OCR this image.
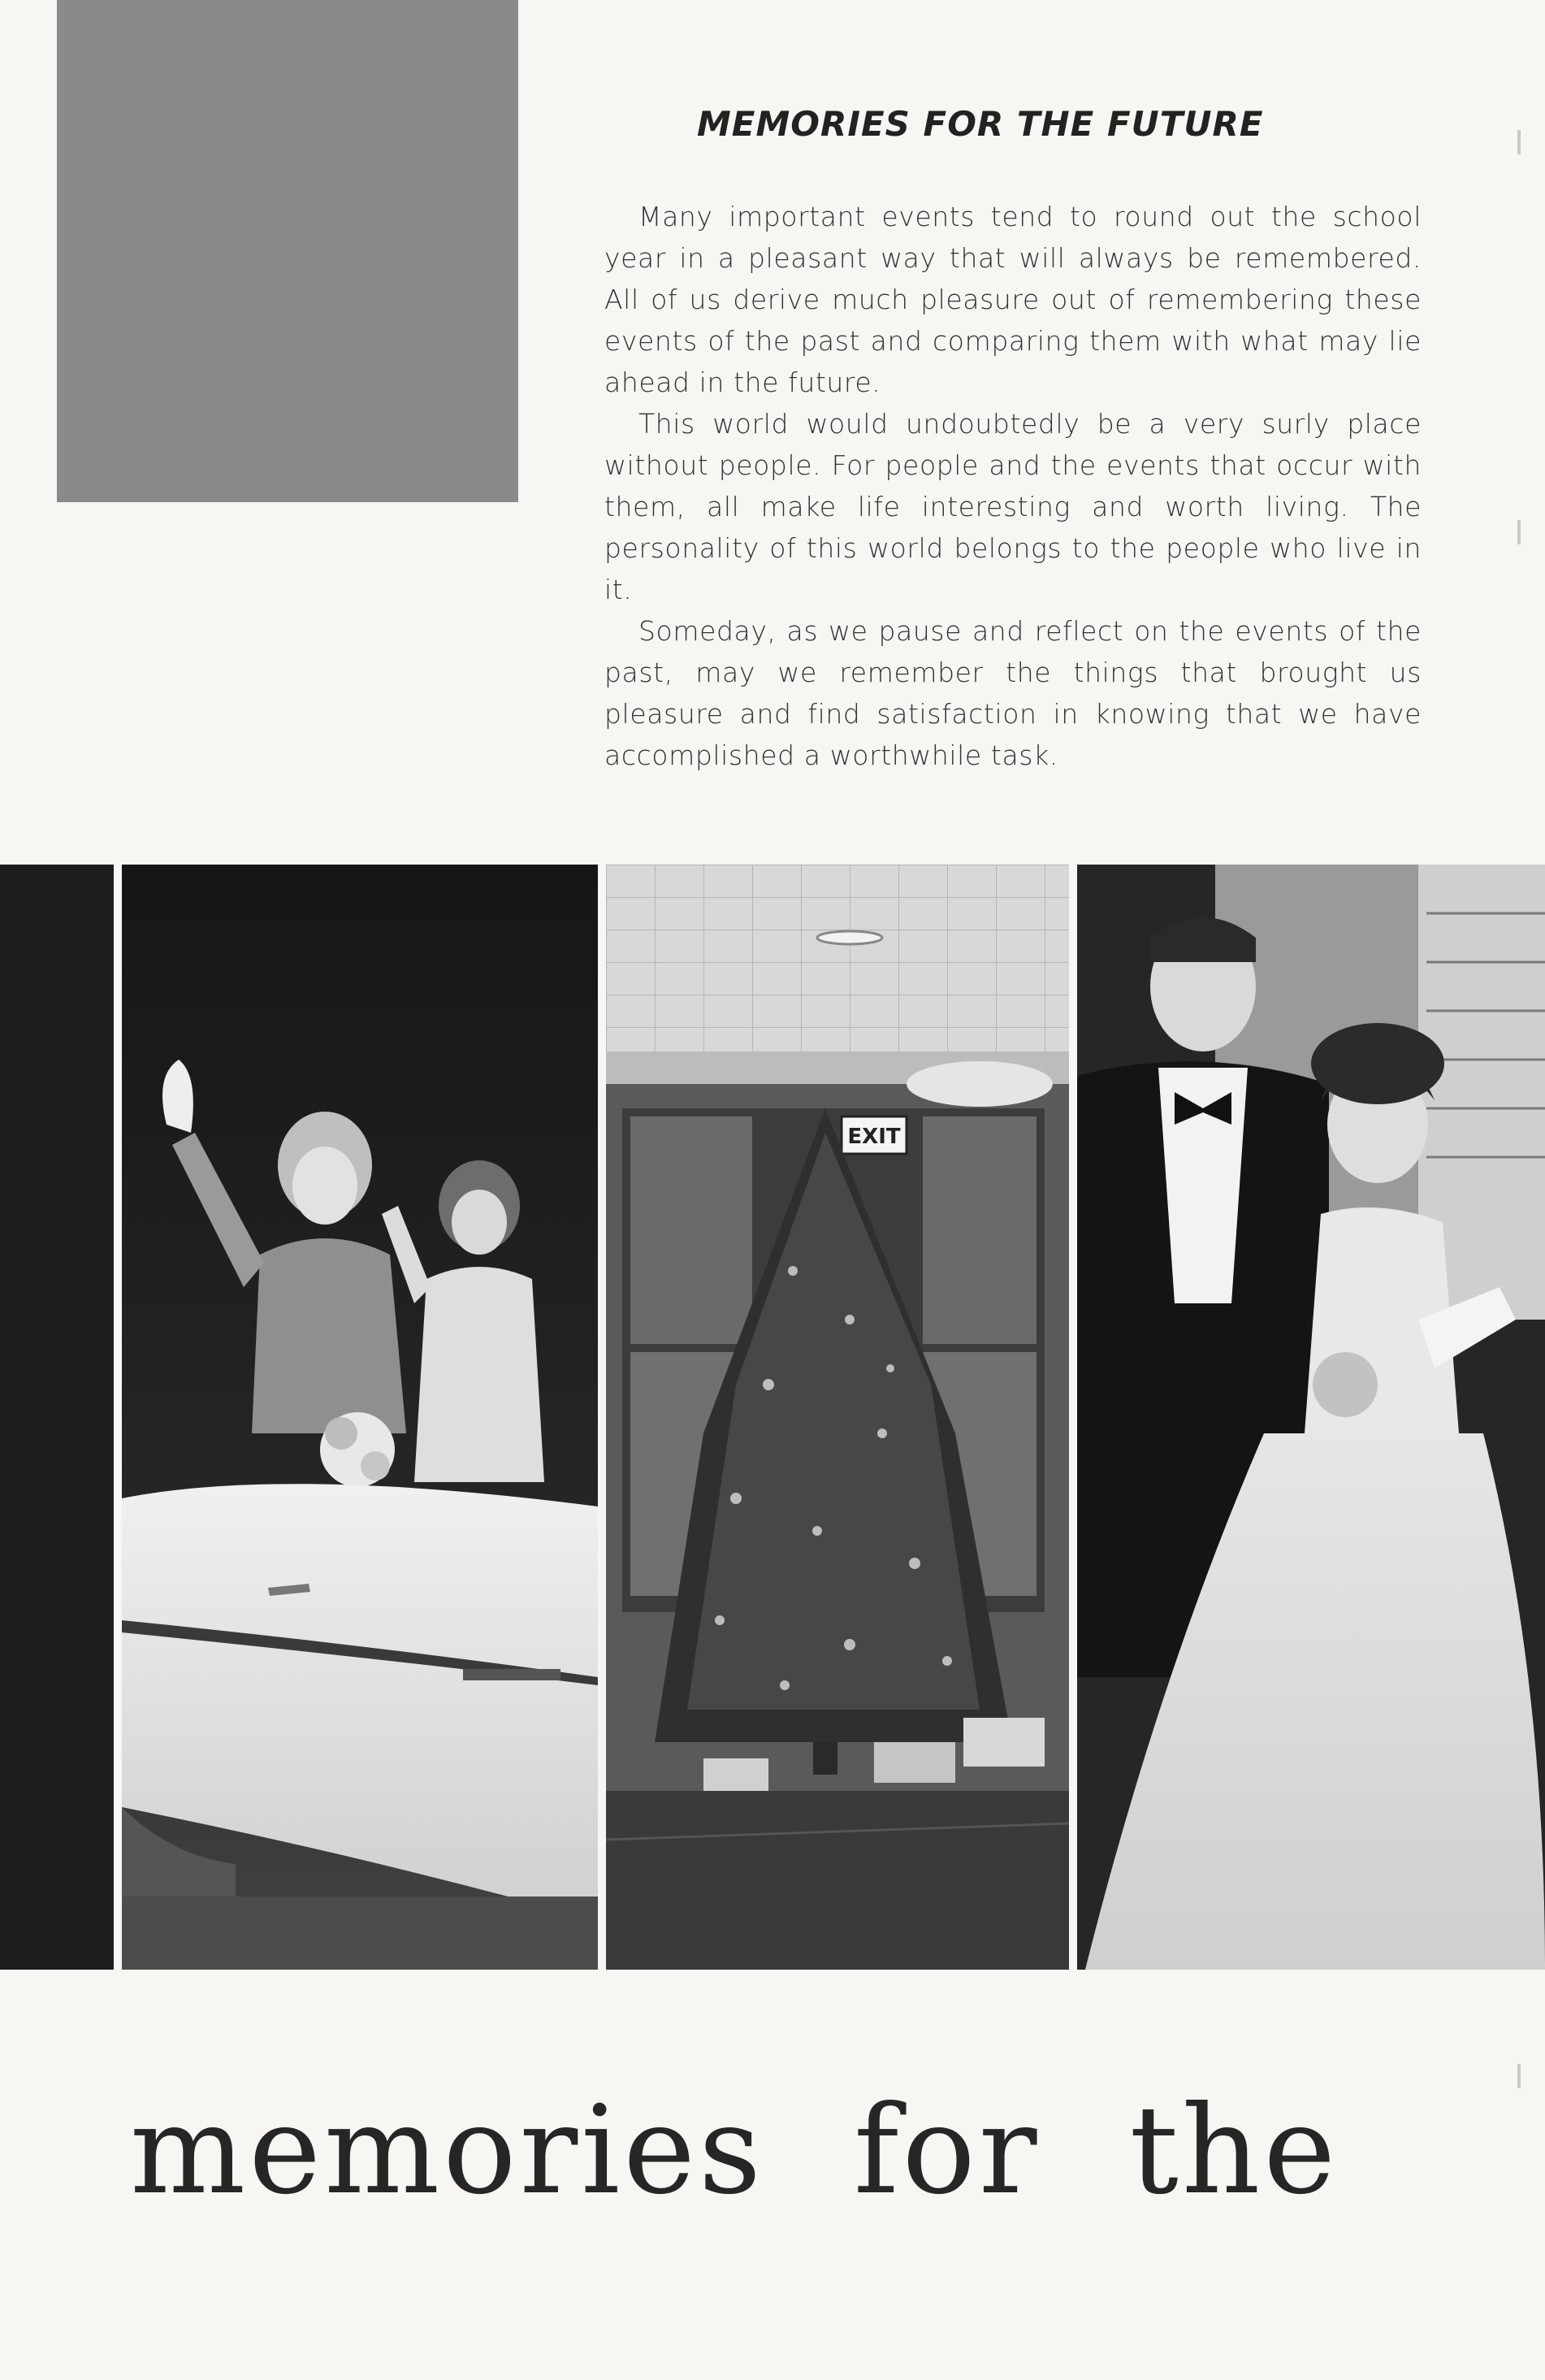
MEMORIES FOR THE FUTURE

Many important events tend to round out the school year in a pleasant way that will always be remembered. All of us derive much pleasure out of remembering these events of the past and comparing them with what may lie ahead in the future.

This world would undoubtedly be a very surly place without people. For people and the events that occur with them, all make life interesting and worth living. The personality of this world belongs to the people who live in it.

Someday, as we pause and reflect on the events of the past, may we remember the things that brought us pleasure and find satisfaction in knowing that we have accomplished a worthwhile task.

EXIT
memories for the
